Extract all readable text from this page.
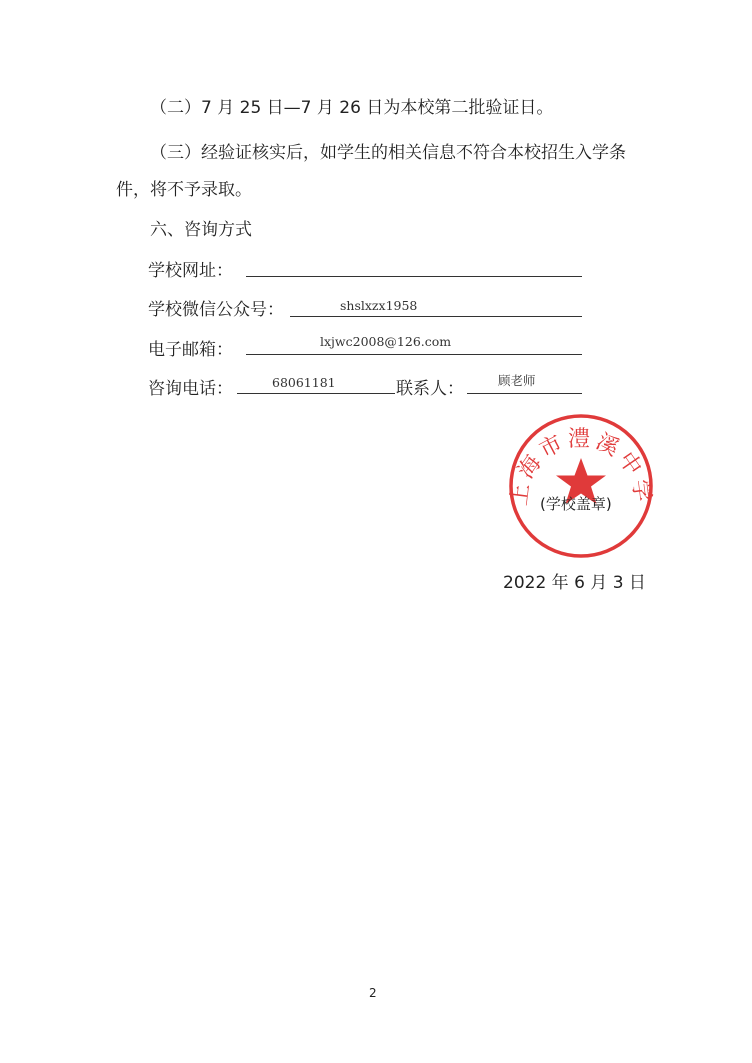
（二）7 月 25 日—7 月 26 日为本校第二批验证日。
（三）经验证核实后，如学生的相关信息不符合本校招生入学条
件，将不予录取。
六、咨询方式
学校网址：
学校微信公众号：	shslxzx1958
电子邮箱：	lxjwc2008@126.com
咨询电话：	68061181	联系人：	顾老师
上海市澧溪中学
(学校盖章)
2022 年 6 月 3 日
2
